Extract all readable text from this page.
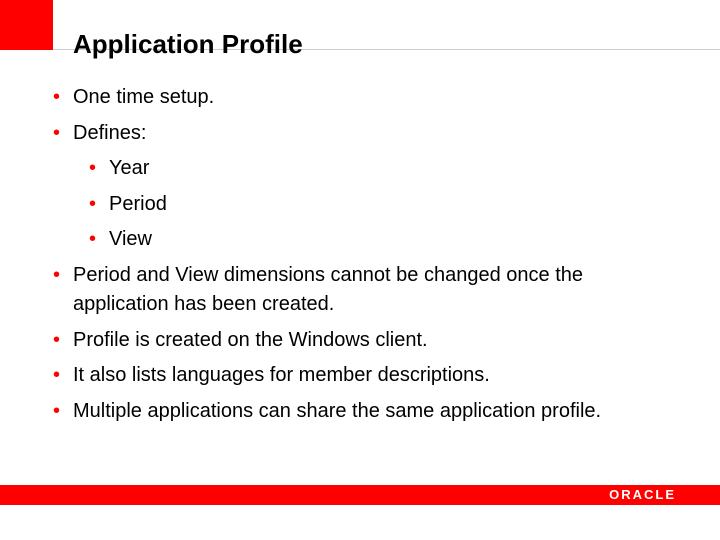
Application Profile
• One time setup.
• Defines:
• Year
• Period
• View
• Period and View dimensions cannot be changed once the application has been created.
• Profile is created on the Windows client.
• It also lists languages for member descriptions.
• Multiple applications can share the same application profile.
ORACLE
